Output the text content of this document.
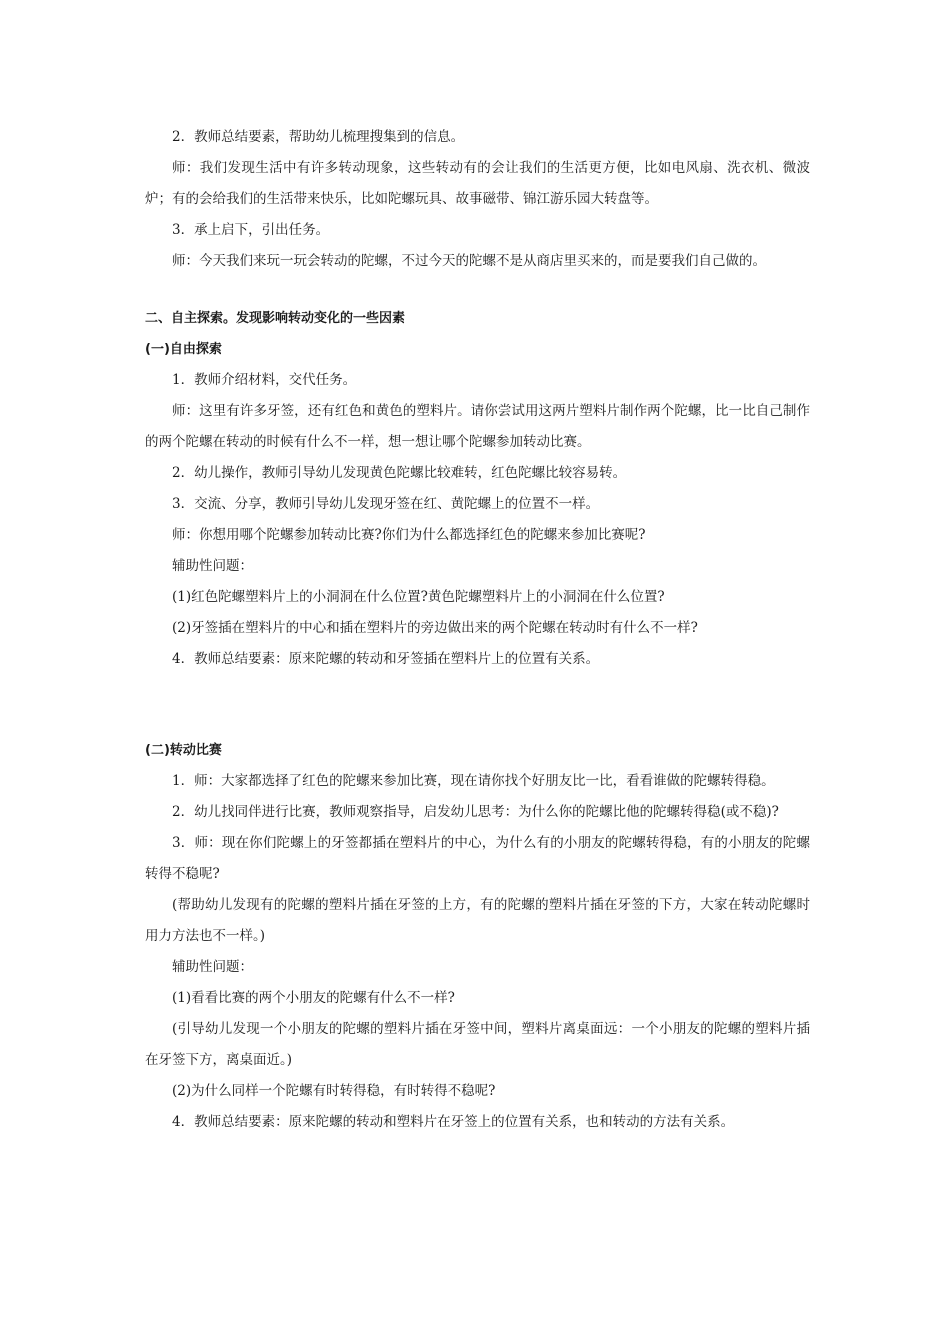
2．教师总结要素，帮助幼儿梳理搜集到的信息。

师：我们发现生活中有许多转动现象，这些转动有的会让我们的生活更方便，比如电风扇、洗衣机、微波炉；有的会给我们的生活带来快乐，比如陀螺玩具、故事磁带、锦江游乐园大转盘等。

3．承上启下，引出任务。

师：今天我们来玩一玩会转动的陀螺，不过今天的陀螺不是从商店里买来的，而是要我们自己做的。

二、自主探索。发现影响转动变化的一些因素

(一)自由探索

1．教师介绍材料，交代任务。

师：这里有许多牙签，还有红色和黄色的塑料片。请你尝试用这两片塑料片制作两个陀螺，比一比自己制作的两个陀螺在转动的时候有什么不一样，想一想让哪个陀螺参加转动比赛。

2．幼儿操作，教师引导幼儿发现黄色陀螺比较难转，红色陀螺比较容易转。

3．交流、分享，教师引导幼儿发现牙签在红、黄陀螺上的位置不一样。

师：你想用哪个陀螺参加转动比赛?你们为什么都选择红色的陀螺来参加比赛呢?

辅助性问题：

(1)红色陀螺塑料片上的小洞洞在什么位置?黄色陀螺塑料片上的小洞洞在什么位置?

(2)牙签插在塑料片的中心和插在塑料片的旁边做出来的两个陀螺在转动时有什么不一样?

4．教师总结要素：原来陀螺的转动和牙签插在塑料片上的位置有关系。

(二)转动比赛

1．师：大家都选择了红色的陀螺来参加比赛，现在请你找个好朋友比一比，看看谁做的陀螺转得稳。

2．幼儿找同伴进行比赛，教师观察指导，启发幼儿思考：为什么你的陀螺比他的陀螺转得稳(或不稳)?

3．师：现在你们陀螺上的牙签都插在塑料片的中心，为什么有的小朋友的陀螺转得稳，有的小朋友的陀螺转得不稳呢?

(帮助幼儿发现有的陀螺的塑料片插在牙签的上方，有的陀螺的塑料片插在牙签的下方，大家在转动陀螺时用力方法也不一样。)

辅助性问题：

(1)看看比赛的两个小朋友的陀螺有什么不一样?

(引导幼儿发现一个小朋友的陀螺的塑料片插在牙签中间，塑料片离桌面远：一个小朋友的陀螺的塑料片插在牙签下方，离桌面近。)

(2)为什么同样一个陀螺有时转得稳，有时转得不稳呢?

4．教师总结要素：原来陀螺的转动和塑料片在牙签上的位置有关系，也和转动的方法有关系。
